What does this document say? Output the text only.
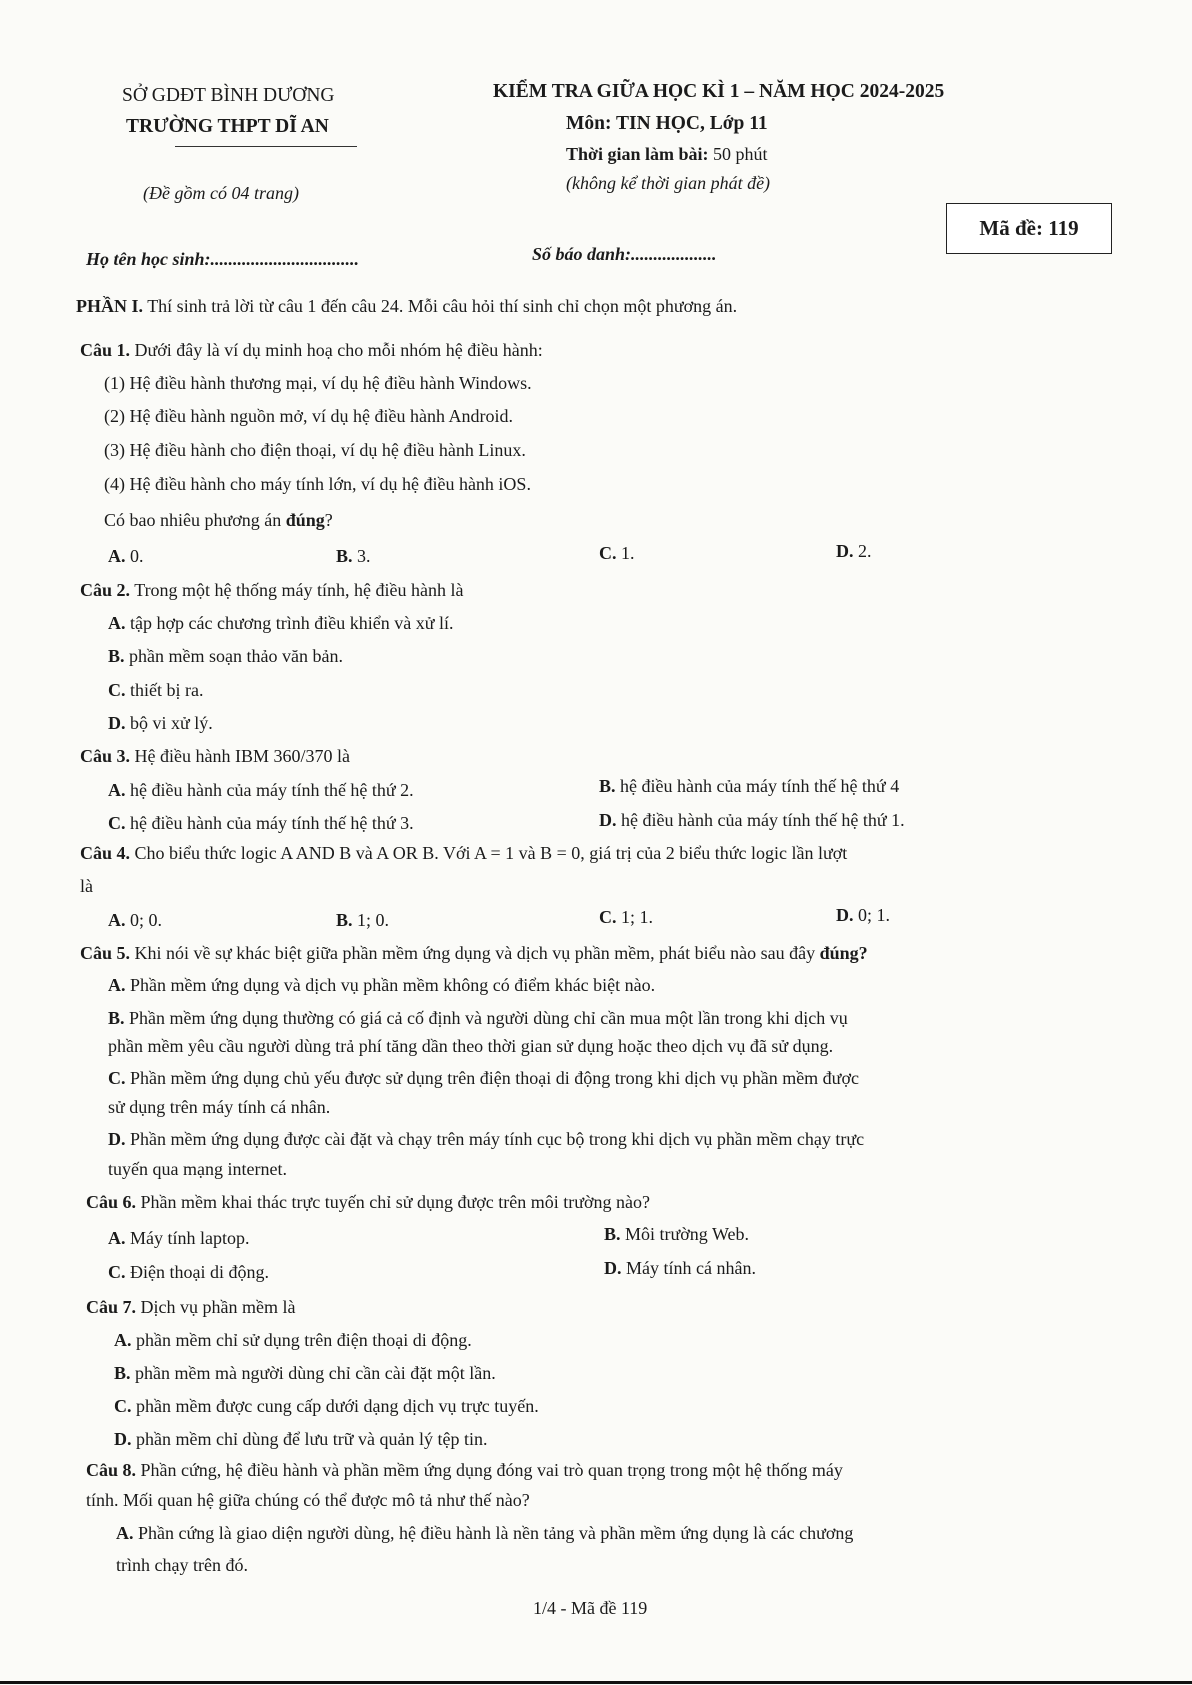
SỞ GDĐT BÌNH DƯƠNG
TRƯỜNG THPT DĨ AN
(Đề gồm có 04 trang)
KIỂM TRA GIỮA HỌC KÌ 1 – NĂM HỌC 2024-2025
Môn: TIN HỌC, Lớp 11
Thời gian làm bài: 50 phút
(không kể thời gian phát đề)
Mã đề: 119
Họ tên học sinh:.................................	Số báo danh:...................
PHẦN I. Thí sinh trả lời từ câu 1 đến câu 24. Mỗi câu hỏi thí sinh chỉ chọn một phương án.
Câu 1. Dưới đây là ví dụ minh hoạ cho mỗi nhóm hệ điều hành:
(1) Hệ điều hành thương mại, ví dụ hệ điều hành Windows.
(2) Hệ điều hành nguồn mở, ví dụ hệ điều hành Android.
(3) Hệ điều hành cho điện thoại, ví dụ hệ điều hành Linux.
(4) Hệ điều hành cho máy tính lớn, ví dụ hệ điều hành iOS.
Có bao nhiêu phương án đúng?
A. 0.	B. 3.	C. 1.	D. 2.
Câu 2. Trong một hệ thống máy tính, hệ điều hành là
A. tập hợp các chương trình điều khiển và xử lí.
B. phần mềm soạn thảo văn bản.
C. thiết bị ra.
D. bộ vi xử lý.
Câu 3. Hệ điều hành IBM 360/370 là
A. hệ điều hành của máy tính thế hệ thứ 2.	B. hệ điều hành của máy tính thế hệ thứ 4
C. hệ điều hành của máy tính thế hệ thứ 3.	D. hệ điều hành của máy tính thế hệ thứ 1.
Câu 4. Cho biểu thức logic A AND B và A OR B. Với A = 1 và B = 0, giá trị của 2 biểu thức logic lần lượt
là
A. 0; 0.	B. 1; 0.	C. 1; 1.	D. 0; 1.
Câu 5. Khi nói về sự khác biệt giữa phần mềm ứng dụng và dịch vụ phần mềm, phát biểu nào sau đây đúng?
A. Phần mềm ứng dụng và dịch vụ phần mềm không có điểm khác biệt nào.
B. Phần mềm ứng dụng thường có giá cả cố định và người dùng chỉ cần mua một lần trong khi dịch vụ
phần mềm yêu cầu người dùng trả phí tăng dần theo thời gian sử dụng hoặc theo dịch vụ đã sử dụng.
C. Phần mềm ứng dụng chủ yếu được sử dụng trên điện thoại di động trong khi dịch vụ phần mềm được
sử dụng trên máy tính cá nhân.
D. Phần mềm ứng dụng được cài đặt và chạy trên máy tính cục bộ trong khi dịch vụ phần mềm chạy trực
tuyến qua mạng internet.
Câu 6. Phần mềm khai thác trực tuyến chỉ sử dụng được trên môi trường nào?
A. Máy tính laptop.	B. Môi trường Web.
C. Điện thoại di động.	D. Máy tính cá nhân.
Câu 7. Dịch vụ phần mềm là
A. phần mềm chỉ sử dụng trên điện thoại di động.
B. phần mềm mà người dùng chỉ cần cài đặt một lần.
C. phần mềm được cung cấp dưới dạng dịch vụ trực tuyến.
D. phần mềm chỉ dùng để lưu trữ và quản lý tệp tin.
Câu 8. Phần cứng, hệ điều hành và phần mềm ứng dụng đóng vai trò quan trọng trong một hệ thống máy
tính. Mối quan hệ giữa chúng có thể được mô tả như thế nào?
A. Phần cứng là giao diện người dùng, hệ điều hành là nền tảng và phần mềm ứng dụng là các chương
trình chạy trên đó.
1/4 - Mã đề 119
